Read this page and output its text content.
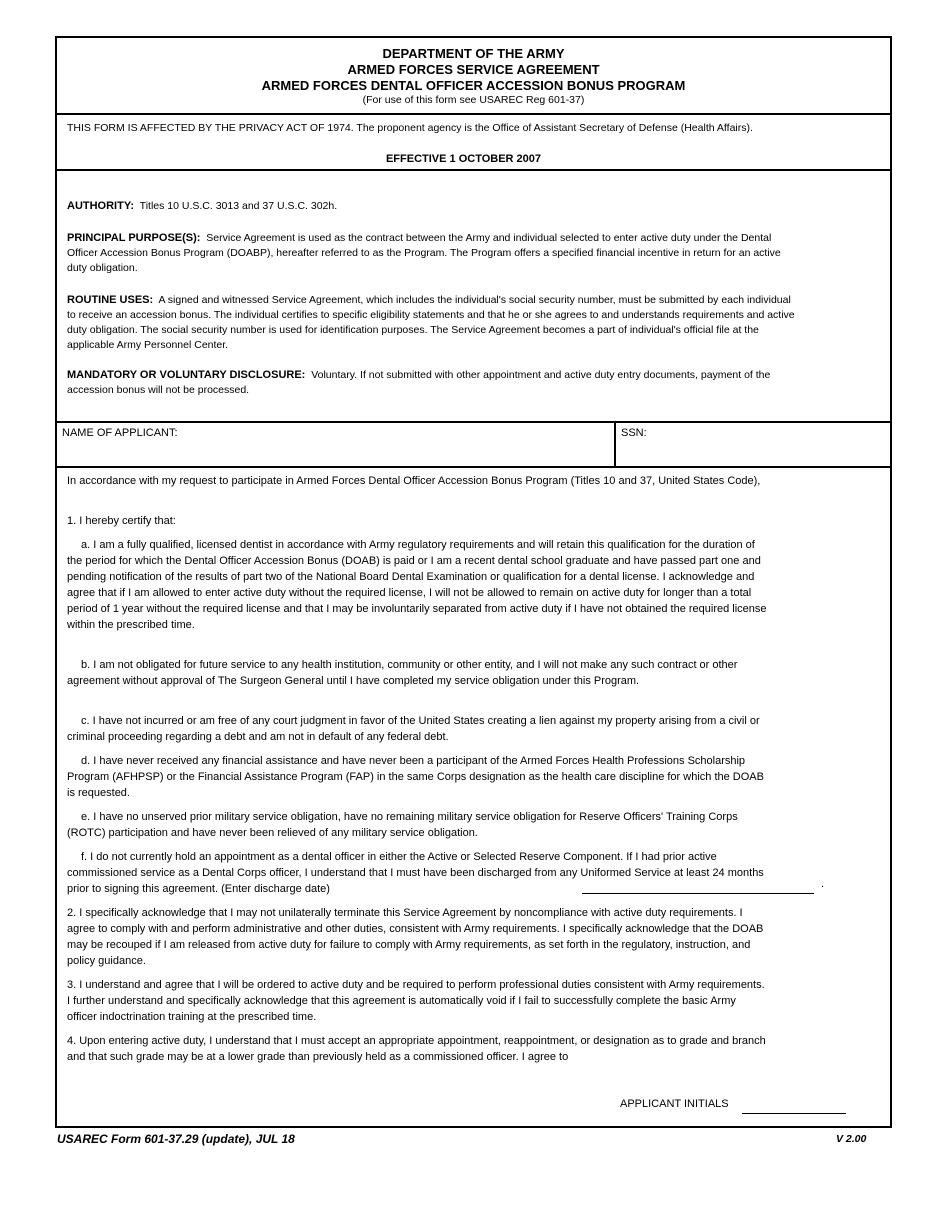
DEPARTMENT OF THE ARMY
ARMED FORCES SERVICE AGREEMENT
ARMED FORCES DENTAL OFFICER ACCESSION BONUS PROGRAM
(For use of this form see USAREC Reg 601-37)
THIS FORM IS AFFECTED BY THE PRIVACY ACT OF 1974. The proponent agency is the Office of Assistant Secretary of Defense (Health Affairs).
EFFECTIVE 1 OCTOBER 2007

AUTHORITY: Titles 10 U.S.C. 3013 and 37 U.S.C. 302h.

PRINCIPAL PURPOSE(S): Service Agreement is used as the contract between the Army and individual selected to enter active duty under the Dental Officer Accession Bonus Program (DOABP), hereafter referred to as the Program. The Program offers a specified financial incentive in return for an active duty obligation.

ROUTINE USES: A signed and witnessed Service Agreement, which includes the individual's social security number, must be submitted by each individual to receive an accession bonus. The individual certifies to specific eligibility statements and that he or she agrees to and understands requirements and active duty obligation. The social security number is used for identification purposes. The Service Agreement becomes a part of individual's official file at the applicable Army Personnel Center.

MANDATORY OR VOLUNTARY DISCLOSURE: Voluntary. If not submitted with other appointment and active duty entry documents, payment of the accession bonus will not be processed.

NAME OF APPLICANT:	SSN:

In accordance with my request to participate in Armed Forces Dental Officer Accession Bonus Program (Titles 10 and 37, United States Code),

1. I hereby certify that:

a. I am a fully qualified, licensed dentist in accordance with Army regulatory requirements and will retain this qualification for the duration of the period for which the Dental Officer Accession Bonus (DOAB) is paid or I am a recent dental school graduate and have passed part one and pending notification of the results of part two of the National Board Dental Examination or qualification for a dental license. I acknowledge and agree that if I am allowed to enter active duty without the required license, I will not be allowed to remain on active duty for longer than a total period of 1 year without the required license and that I may be involuntarily separated from active duty if I have not obtained the required license within the prescribed time.

b. I am not obligated for future service to any health institution, community or other entity, and I will not make any such contract or other agreement without approval of The Surgeon General until I have completed my service obligation under this Program.

c. I have not incurred or am free of any court judgment in favor of the United States creating a lien against my property arising from a civil or criminal proceeding regarding a debt and am not in default of any federal debt.

d. I have never received any financial assistance and have never been a participant of the Armed Forces Health Professions Scholarship Program (AFHPSP) or the Financial Assistance Program (FAP) in the same Corps designation as the health care discipline for which the DOAB is requested.

e. I have no unserved prior military service obligation, have no remaining military service obligation for Reserve Officers' Training Corps (ROTC) participation and have never been relieved of any military service obligation.

f. I do not currently hold an appointment as a dental officer in either the Active or Selected Reserve Component. If I had prior active commissioned service as a Dental Corps officer, I understand that I must have been discharged from any Uniformed Service at least 24 months prior to signing this agreement. (Enter discharge date)	.

2. I specifically acknowledge that I may not unilaterally terminate this Service Agreement by noncompliance with active duty requirements. I agree to comply with and perform administrative and other duties, consistent with Army requirements. I specifically acknowledge that the DOAB may be recouped if I am released from active duty for failure to comply with Army requirements, as set forth in the regulatory, instruction, and policy guidance.

3. I understand and agree that I will be ordered to active duty and be required to perform professional duties consistent with Army requirements. I further understand and specifically acknowledge that this agreement is automatically void if I fail to successfully complete the basic Army officer indoctrination training at the prescribed time.

4. Upon entering active duty, I understand that I must accept an appropriate appointment, reappointment, or designation as to grade and branch and that such grade may be at a lower grade than previously held as a commissioned officer. I agree to

APPLICANT INITIALS
USAREC Form 601-37.29 (update), JUL 18	V 2.00
